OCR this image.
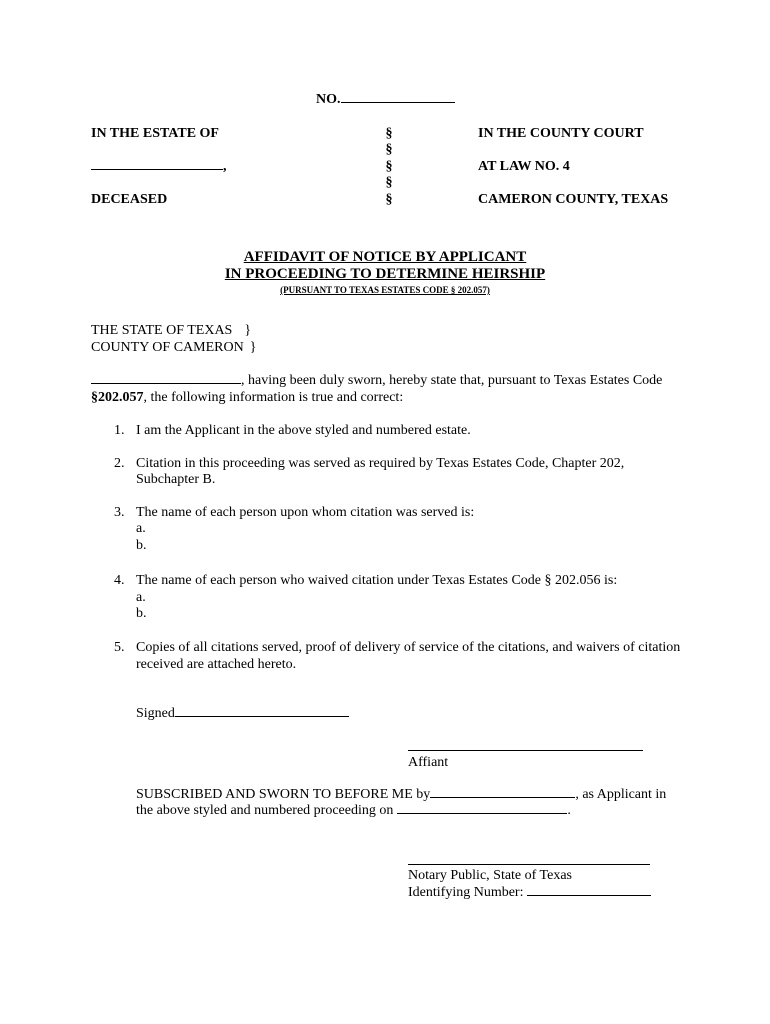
NO.
IN THE ESTATE OF
,
DECEASED
§
§
§
§
§
IN THE COUNTY COURT
AT LAW NO. 4
CAMERON COUNTY, TEXAS
AFFIDAVIT OF NOTICE BY APPLICANT
IN PROCEEDING TO DETERMINE HEIRSHIP
(PURSUANT TO TEXAS ESTATES CODE § 202.057)
THE STATE OF TEXAS }
COUNTY OF CAMERON }
, having been duly sworn, hereby state that, pursuant to Texas Estates Code
§202.057, the following information is true and correct:
1. I am the Applicant in the above styled and numbered estate.
2. Citation in this proceeding was served as required by Texas Estates Code, Chapter 202,
Subchapter B.
3. The name of each person upon whom citation was served is:
a.
b.
4. The name of each person who waived citation under Texas Estates Code § 202.056 is:
a.
b.
5. Copies of all citations served, proof of delivery of service of the citations, and waivers of citation
received are attached hereto.
Signed
Affiant
SUBSCRIBED AND SWORN TO BEFORE ME by	, as Applicant in
the above styled and numbered proceeding on	.
Notary Public, State of Texas
Identifying Number:
